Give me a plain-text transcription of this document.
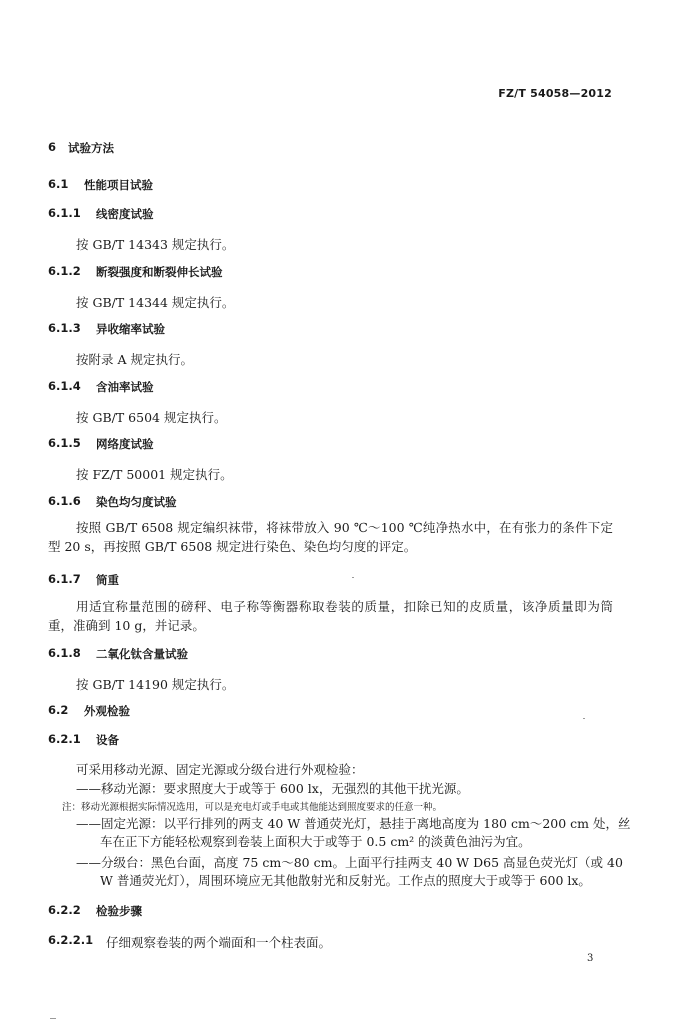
FZ/T 54058—2012
6 试验方法
6.1 性能项目试验
6.1.1 线密度试验
按 GB/T 14343 规定执行。
6.1.2 断裂强度和断裂伸长试验
按 GB/T 14344 规定执行。
6.1.3 异收缩率试验
按附录 A 规定执行。
6.1.4 含油率试验
按 GB/T 6504 规定执行。
6.1.5 网络度试验
按 FZ/T 50001 规定执行。
6.1.6 染色均匀度试验
按照 GB/T 6508 规定编织袜带，将袜带放入 90 ℃～100 ℃纯净热水中，在有张力的条件下定型 20 s，再按照 GB/T 6508 规定进行染色、染色均匀度的评定。
6.1.7 筒重
用适宜称量范围的磅秤、电子称等衡器称取卷装的质量，扣除已知的皮质量，该净质量即为筒重，准确到 10 g，并记录。
6.1.8 二氧化钛含量试验
按 GB/T 14190 规定执行。
6.2 外观检验
6.2.1 设备
可采用移动光源、固定光源或分级台进行外观检验：
——移动光源：要求照度大于或等于 600 lx，无强烈的其他干扰光源。
注：移动光源根据实际情况选用，可以是充电灯或手电或其他能达到照度要求的任意一种。
——固定光源：以平行排列的两支 40 W 普通荧光灯，悬挂于离地高度为 180 cm～200 cm 处，丝车在正下方能轻松观察到卷装上面积大于或等于 0.5 cm² 的淡黄色油污为宜。
——分级台：黑色台面，高度 75 cm～80 cm。上面平行挂两支 40 W D65 高显色荧光灯（或 40 W 普通荧光灯），周围环境应无其他散射光和反射光。工作点的照度大于或等于 600 lx。
6.2.2 检验步骤
6.2.2.1 仔细观察卷装的两个端面和一个柱表面。
3
